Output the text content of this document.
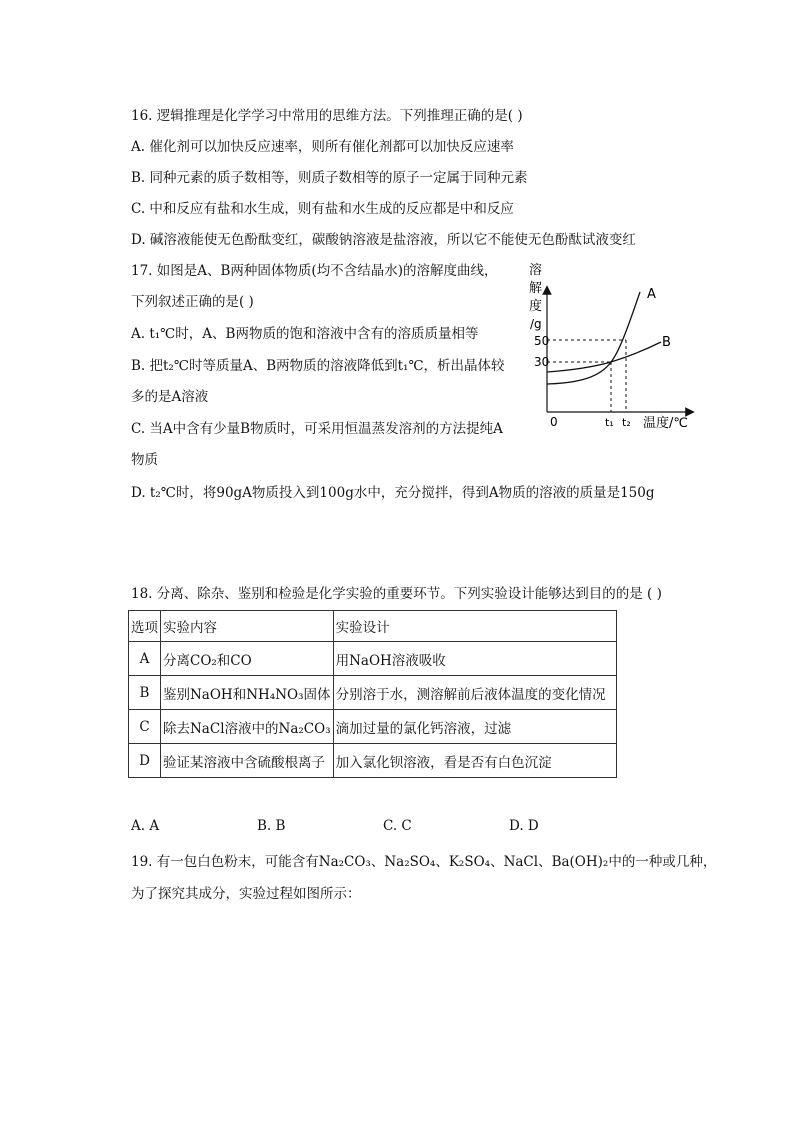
16. 逻辑推理是化学学习中常用的思维方法。下列推理正确的是( )
A. 催化剂可以加快反应速率，则所有催化剂都可以加快反应速率
B. 同种元素的质子数相等，则质子数相等的原子一定属于同种元素
C. 中和反应有盐和水生成，则有盐和水生成的反应都是中和反应
D. 碱溶液能使无色酚酞变红，碳酸钠溶液是盐溶液，所以它不能使无色酚酞试液变红
17. 如图是A、B两种固体物质(均不含结晶水)的溶解度曲线，
下列叙述正确的是( )
A. t₁℃时，A、B两物质的饱和溶液中含有的溶质质量相等
B. 把t₂℃时等质量A、B两物质的溶液降低到t₁℃，析出晶体较
多的是A溶液
C. 当A中含有少量B物质时，可采用恒温蒸发溶剂的方法提纯A
物质
D. t₂℃时，将90gA物质投入到100g水中，充分搅拌，得到A物质的溶液的质量是150g
溶
解
度
/g
50
30
0	t₁ t₂ 温度/℃
A
B
18. 分离、除杂、鉴别和检验是化学实验的重要环节。下列实验设计能够达到目的的是 ( )
选项	实验内容	实验设计
A	分离CO₂和CO	用NaOH溶液吸收
B	鉴别NaOH和NH₄NO₃固体	分别溶于水，测溶解前后液体温度的变化情况
C	除去NaCl溶液中的Na₂CO₃	滴加过量的氯化钙溶液，过滤
D	验证某溶液中含硫酸根离子	加入氯化钡溶液，看是否有白色沉淀
A. A	B. B	C. C	D. D
19. 有一包白色粉末，可能含有Na₂CO₃、Na₂SO₄、K₂SO₄、NaCl、Ba(OH)₂中的一种或几种，
为了探究其成分，实验过程如图所示：
